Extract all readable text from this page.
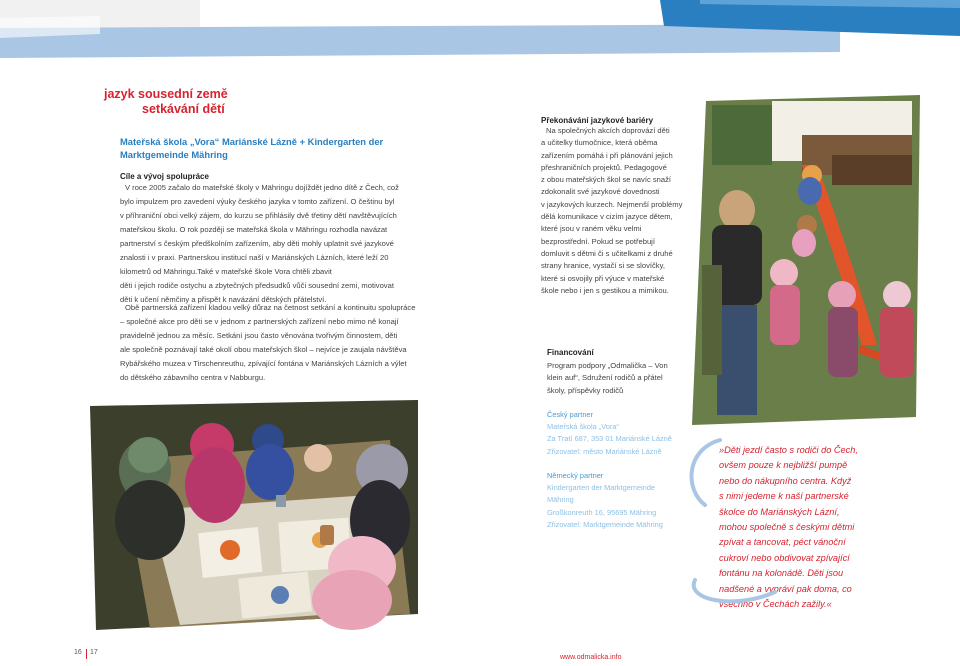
jazyk sousední země
setkávání dětí
Mateřská škola „Vora“ Mariánské Lázně + Kindergarten der
Marktgemeinde Mähring
Cíle a vývoj spolupráce
V roce 2005 začalo do mateřské školy v Mähringu dojíždět jedno dítě z Čech, což
bylo impulzem pro zavedení výuky českého jazyka v tomto zařízení. O češtinu byl
v příhraniční obci velký zájem, do kurzu se přihlásily dvě třetiny dětí navštěvujících
mateřskou školu. O rok později se mateřská škola v Mähringu rozhodla navázat
partnerství s českým předškolním zařízením, aby děti mohly uplatnit své jazykové
znalosti i v praxi. Partnerskou institucí naší v Mariánských Lázních, které leží 20
kilometrů od Mähringu.Také v mateřské škole Vora chtěli zbavit
děti i jejich rodiče ostychu a zbytečných předsudků vůči sousední zemi, motivovat
děti k učení němčiny a přispět k navázání dětských přátelství.
Obě partnerská zařízení kladou velký důraz na četnost setkání a kontinuitu spolupráce
– společné akce pro děti se v jednom z partnerských zařízení nebo mimo ně konají
pravidelně jednou za měsíc. Setkání jsou často věnována tvořivým činnostem, děti
ale společně poznávají také okolí obou mateřských škol – nejvíce je zaujala návštěva
Rybářského muzea v Tirschenreuthu, zpívající fontána v Mariánských Lázních a výlet
do dětského zábavního centra v Nabburgu.
Překonávání jazykové bariéry
Na společných akcích doprovází děti
a učitelky tlumočnice, která oběma
zařízením pomáhá i při plánování jejich
přeshraničních projektů. Pedagogové
z obou mateřských škol se navíc snaží
zdokonalit své jazykové dovednosti
v jazykových kurzech. Nejmenší problémy
dělá komunikace v cizím jazyce dětem,
které jsou v raném věku velmi
bezprostřední. Pokud se potřebují
domluvit s dětmi či s učitelkami z druhé
strany hranice, vystačí si se slovíčky,
které si osvojily při výuce v mateřské
škole nebo i jen s gestikou a mimikou.
Financování
Program podpory „Odmalička – Von
klein auf“, Sdružení rodičů a přátel
školy, příspěvky rodičů
Český partner
Mateřská škola „Vora“
Za Tratí 687, 353 01 Mariánské Lázně
Zřizovatel: město Mariánské Lázně
Německý partner
Kindergarten der Marktgemeinde
Mähring
Großkonreuth 16, 95695 Mähring
Zřizovatel: Marktgemeinde Mähring
»Děti jezdí často s rodiči do Čech,
ovšem pouze k nejbližší pumpě
nebo do nákupního centra. Když
s nimi jedeme k naší partnerské
školce do Mariánských Lázní,
mohou společně s českými dětmi
zpívat a tancovat, péct vánoční
cukroví nebo obdivovat zpívající
fontánu na kolonádě. Děti jsou
nadšené a vypráví pak doma, co
všechno v Čechách zažily.«
16 17
www.odmalicka.info
